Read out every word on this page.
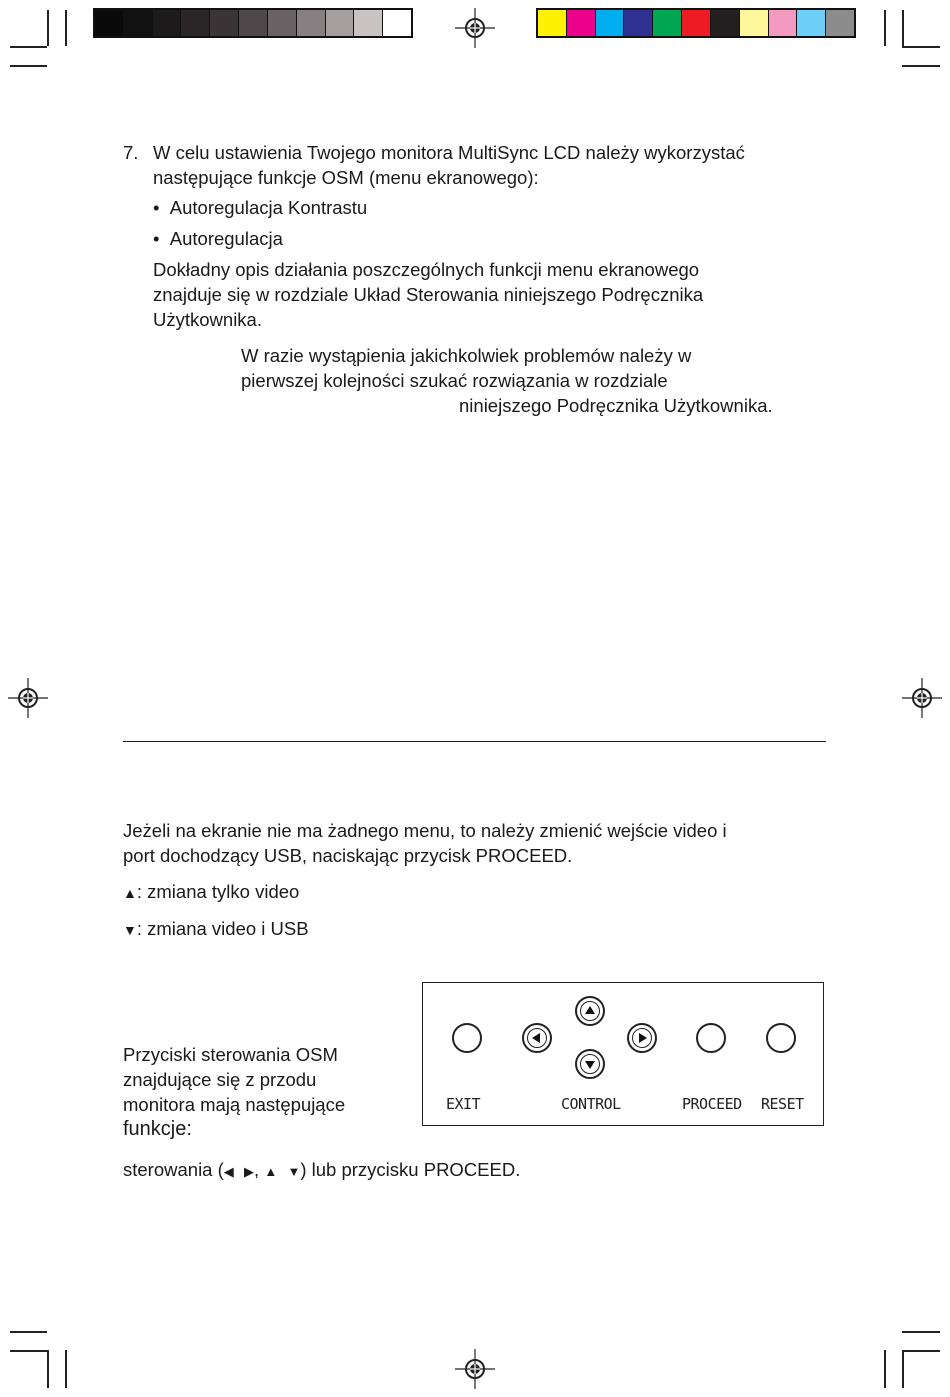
7. W celu ustawienia Twojego monitora MultiSync LCD należy wykorzystać
następujące funkcje OSM (menu ekranowego):
•  Autoregulacja Kontrastu
•  Autoregulacja
Dokładny opis działania poszczególnych funkcji menu ekranowego
znajduje się w rozdziale Układ Sterowania niniejszego Podręcznika
Użytkownika.
W razie wystąpienia jakichkolwiek problemów należy w
pierwszej kolejności szukać rozwiązania w rozdziale
niniejszego Podręcznika Użytkownika.
Jeżeli na ekranie nie ma żadnego menu, to należy zmienić wejście video i
port dochodzący USB, naciskając przycisk PROCEED.
▲: zmiana tylko video
▼: zmiana video i USB
Przyciski sterowania OSM
znajdujące się z przodu
monitora mają następujące
funkcje:
sterowania (◀ ▶, ▲ ▼) lub przycisku PROCEED.
EXIT	CONTROL	PROCEED RESET
